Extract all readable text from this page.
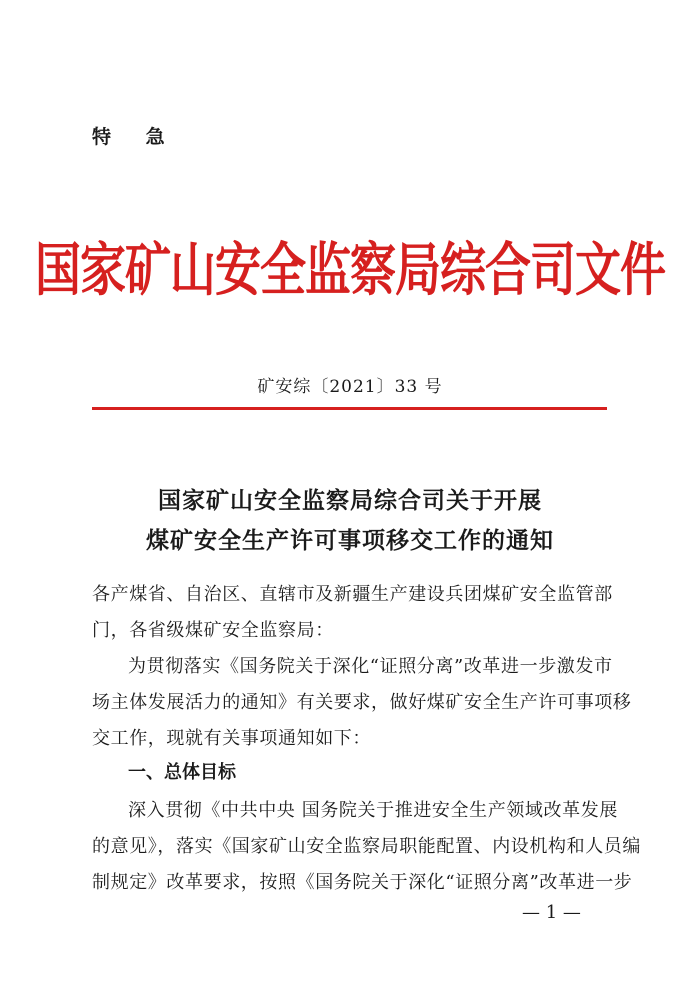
特 急
国家矿山安全监察局综合司文件
矿安综〔2021〕33 号
国家矿山安全监察局综合司关于开展
煤矿安全生产许可事项移交工作的通知
各产煤省、自治区、直辖市及新疆生产建设兵团煤矿安全监管部
门，各省级煤矿安全监察局：
为贯彻落实《国务院关于深化“证照分离”改革进一步激发市
场主体发展活力的通知》有关要求，做好煤矿安全生产许可事项移
交工作，现就有关事项通知如下：
一、总体目标
深入贯彻《中共中央 国务院关于推进安全生产领域改革发展
的意见》，落实《国家矿山安全监察局职能配置、内设机构和人员编
制规定》改革要求，按照《国务院关于深化“证照分离”改革进一步
— 1 —
